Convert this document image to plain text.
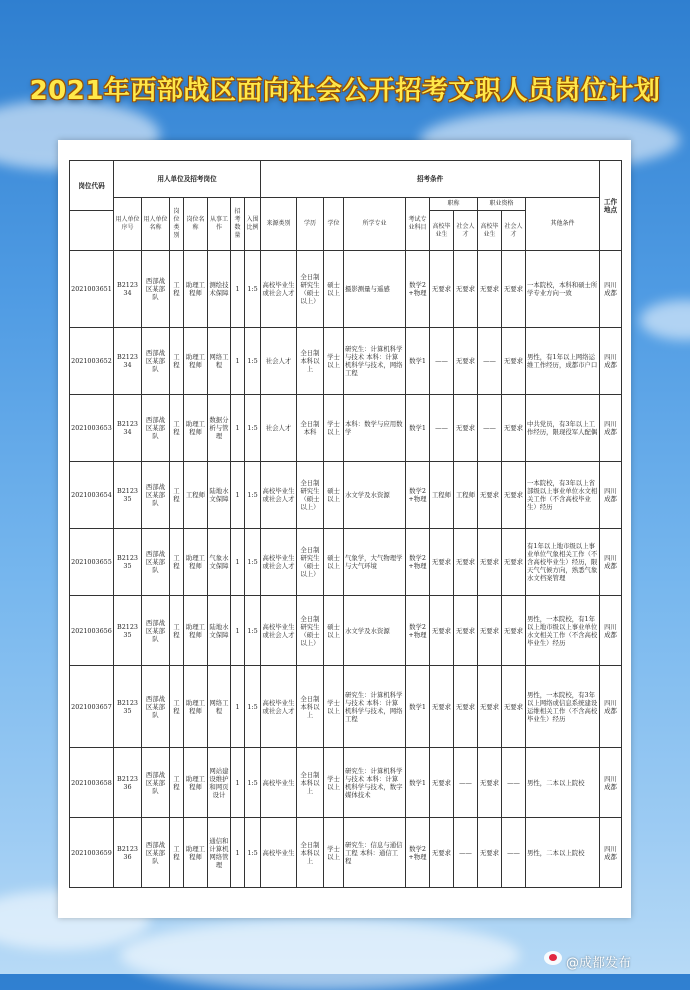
2021年西部战区面向社会公开招考文职人员岗位计划
岗位代码	用人单位及招考岗位							招考条件										工作地点
	用人单位序号	用人单位名称	岗位类别	岗位名称	从事工作	招考数量	入围比例	来源类别	学历	学位	所学专业	考试专业科目	职称		职业资格		其他条件	
													高校毕业生	社会人才	高校毕业生	社会人才		
2021003651	B212334	西部战区某部队	工程	助理工程师	测绘技术保障	1	1:5	高校毕业生或社会人才	全日制研究生（硕士以上）	硕士以上	摄影测量与遥感	数学2+物理	无要求	无要求	无要求	无要求	一本院校，本科和硕士所学专业方向一致	四川成都
2021003652	B212334	西部战区某部队	工程	助理工程师	网络工程	1	1:5	社会人才	全日制本科以上	学士以上	研究生：计算机科学与技术 本科：计算机科学与技术，网络工程	数学1	——	无要求	——	无要求	男性，有1年以上网络运维工作经历，成都市户口	四川成都
2021003653	B212334	西部战区某部队	工程	助理工程师	数据分析与管理	1	1:5	社会人才	全日制本科	学士以上	本科：数学与应用数学	数学1	——	无要求	——	无要求	中共党员，有3年以上工作经历，限现役军人配偶	四川成都
2021003654	B212335	西部战区某部队	工程	工程师	陆地水文保障	1	1:5	高校毕业生或社会人才	全日制研究生（硕士以上）	硕士以上	水文学及水资源	数学2+物理	工程师	工程师	无要求	无要求	一本院校，有3年以上省部级以上事业单位水文相关工作（不含高校毕业生）经历	四川成都
2021003655	B212335	西部战区某部队	工程	助理工程师	气象水文保障	1	1:5	高校毕业生或社会人才	全日制研究生（硕士以上）	硕士以上	气象学，大气物理学与大气环境	数学2+物理	无要求	无要求	无要求	无要求	有1年以上地市级以上事业单位气象相关工作（不含高校毕业生）经历，限天气气候方向，熟悉气象水文档案管理	四川成都
2021003656	B212335	西部战区某部队	工程	助理工程师	陆地水文保障	1	1:5	高校毕业生或社会人才	全日制研究生（硕士以上）	硕士以上	水文学及水资源	数学2+物理	无要求	无要求	无要求	无要求	男性，一本院校，有1年以上地市级以上事业单位水文相关工作（不含高校毕业生）经历	四川成都
2021003657	B212335	西部战区某部队	工程	助理工程师	网络工程	1	1:5	高校毕业生或社会人才	全日制本科以上	学士以上	研究生：计算机科学与技术 本科：计算机科学与技术，网络工程	数学1	无要求	无要求	无要求	无要求	男性，一本院校，有3年以上网络或信息系统建设运维相关工作（不含高校毕业生）经历	四川成都
2021003658	B212336	西部战区某部队	工程	助理工程师	网站建设维护和网页设计	1	1:5	高校毕业生	全日制本科以上	学士以上	研究生：计算机科学与技术 本科：计算机科学与技术，数字媒体技术	数学1	无要求	——	无要求	——	男性，二本以上院校	四川成都
2021003659	B212336	西部战区某部队	工程	助理工程师	通信和计算机网络管理	1	1:5	高校毕业生	全日制本科以上	学士以上	研究生：信息与通信工程 本科：通信工程	数学2+物理	无要求	——	无要求	——	男性，二本以上院校	四川成都
@成都发布
